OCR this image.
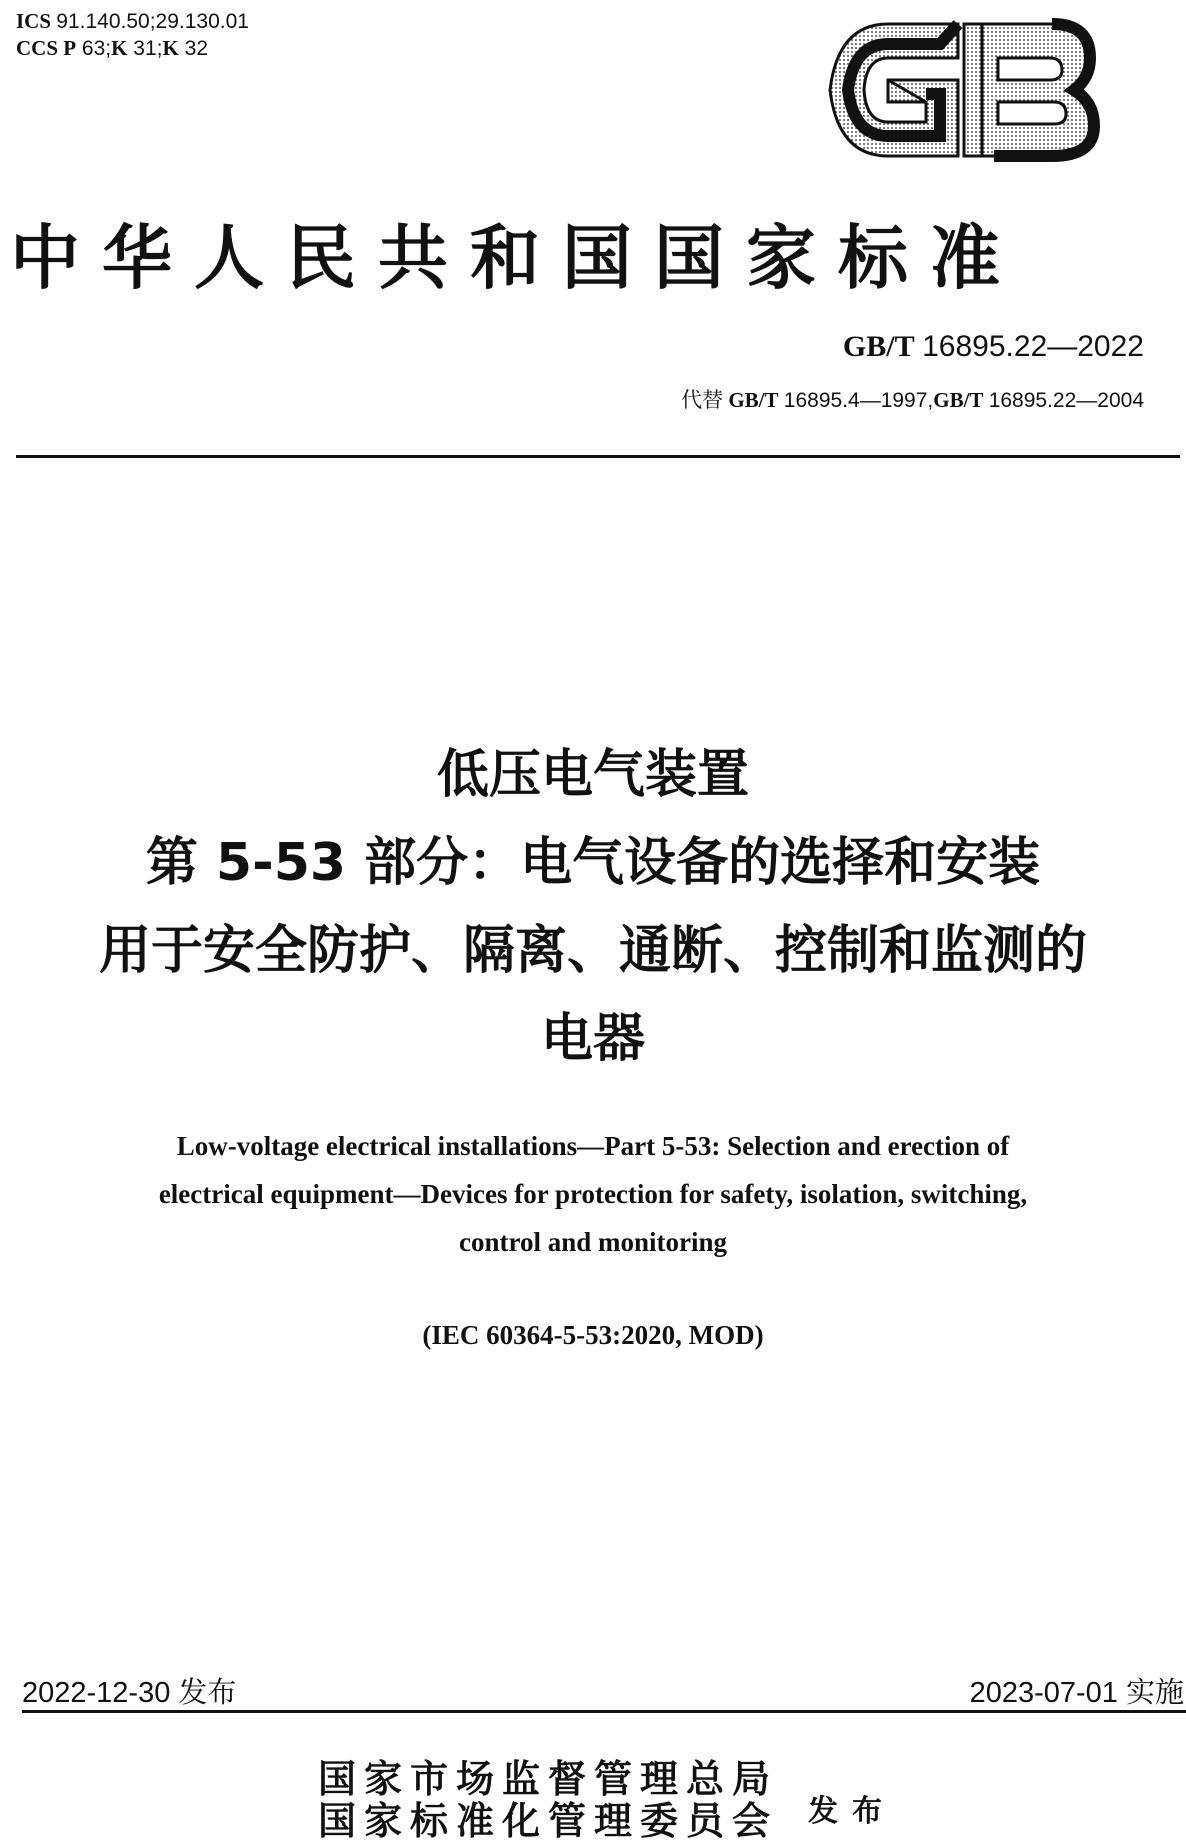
ICS 91.140.50;29.130.01
CCS P 63;K 31;K 32
中华人民共和国国家标准
GB/T 16895.22—2022
代替 GB/T 16895.4—1997,GB/T 16895.22—2004
低压电气装置
第 5-53 部分：电气设备的选择和安装
用于安全防护、隔离、通断、控制和监测的
电器
Low-voltage electrical installations—Part 5-53: Selection and erection of
electrical equipment—Devices for protection for safety, isolation, switching,
control and monitoring
(IEC 60364-5-53:2020, MOD)
2022-12-30 发布	2023-07-01 实施
国家市场监督管理总局
国家标准化管理委员会 发布
